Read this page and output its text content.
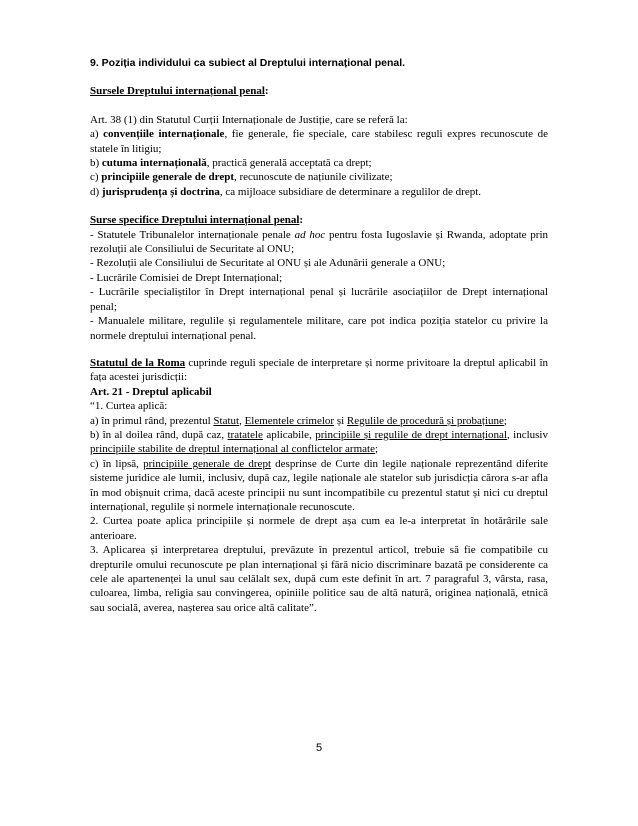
9. Poziția individului ca subiect al Dreptului internațional penal.

Sursele Dreptului internațional penal:

Art. 38 (1) din Statutul Curții Internaționale de Justiție, care se referă la:

a) convențiile internaționale, fie generale, fie speciale, care stabilesc reguli expres recunoscute de statele în litigiu;

b) cutuma internațională, practică generală acceptată ca drept;

c) principiile generale de drept, recunoscute de națiunile civilizate;

d) jurisprudența și doctrina, ca mijloace subsidiare de determinare a regulilor de drept.

Surse specifice Dreptului internațional penal:

- Statutele Tribunalelor internaționale penale ad hoc pentru fosta Iugoslavie și Rwanda, adoptate prin rezoluții ale Consiliului de Securitate al ONU;

- Rezoluții ale Consiliului de Securitate al ONU și ale Adunării generale a ONU;

- Lucrările Comisiei de Drept Internațional;

- Lucrările specialiștilor în Drept internațional penal și lucrările asociațiilor de Drept internațional penal;

- Manualele militare, regulile și regulamentele militare, care pot indica poziția statelor cu privire la normele dreptului internațional penal.

Statutul de la Roma cuprinde reguli speciale de interpretare și norme privitoare la dreptul aplicabil în fața acestei jurisdicții:

Art. 21 - Dreptul aplicabil

“1. Curtea aplică:

a) în primul rând, prezentul Statut, Elementele crimelor și Regulile de procedură și probațiune;

b) în al doilea rând, după caz, tratatele aplicabile, principiile și regulile de drept internațional, inclusiv principiile stabilite de dreptul internațional al conflictelor armate;

c) în lipsă, principiile generale de drept desprinse de Curte din legile naționale reprezentând diferite sisteme juridice ale lumii, inclusiv, după caz, legile naționale ale statelor sub jurisdicția cărora s-ar afla în mod obișnuit crima, dacă aceste principii nu sunt incompatibile cu prezentul statut și nici cu dreptul internațional, regulile și normele internaționale recunoscute.

2. Curtea poate aplica principiile și normele de drept așa cum ea le-a interpretat în hotărârile sale anterioare.

3. Aplicarea și interpretarea dreptului, prevăzute în prezentul articol, trebuie să fie compatibile cu drepturile omului recunoscute pe plan internațional și fără nicio discriminare bazată pe considerente ca cele ale apartenenței la unul sau celălalt sex, după cum este definit în art. 7 paragraful 3, vârsta, rasa, culoarea, limba, religia sau convingerea, opiniile politice sau de altă natură, originea națională, etnică sau socială, averea, nașterea sau orice altă calitate”.

5
